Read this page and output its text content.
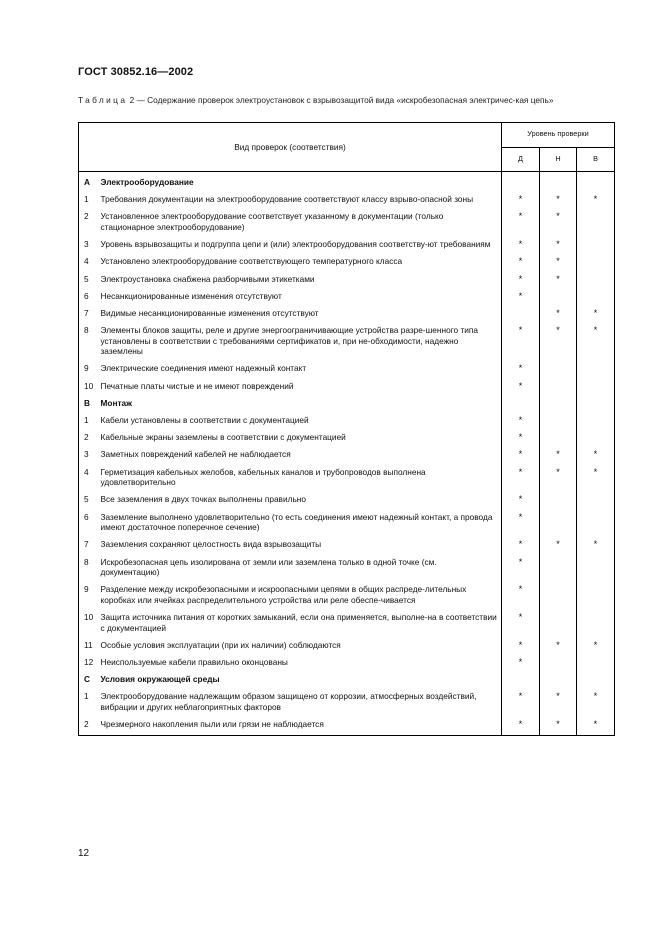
ГОСТ 30852.16—2002
Таблица 2 — Содержание проверок электроустановок с взрывозащитой вида «искробезопасная электричес-кая цепь»
Вид проверок (соответствия)		Уровень проверки		
		Д	Н	В
А	Электрооборудование			
1	Требования документации на электрооборудование соответствуют классу взрыво-опасной зоны	*	*	*
2	Установленное электрооборудование соответствует указанному в документации (только стационарное электрооборудование)	*	*	
3	Уровень взрывозащиты и подгруппа цепи и (или) электрооборудования соответству-ют требованиям	*	*	
4	Установлено электрооборудование соответствующего температурного класса	*	*	
5	Электроустановка снабжена разборчивыми этикетками	*	*	
6	Несанкционированные изменения отсутствуют	*		
7	Видимые несанкционированные изменения отсутствуют		*	*
8	Элементы блоков защиты, реле и другие энергоограничивающие устройства разре-шенного типа установлены в соответствии с требованиями сертификатов и, при не-обходимости, надежно заземлены	*	*	*
9	Электрические соединения имеют надежный контакт	*		
10	Печатные платы чистые и не имеют повреждений	*		
В	Монтаж			
1	Кабели установлены в соответствии с документацией	*		
2	Кабельные экраны заземлены в соответствии с документацией	*		
3	Заметных повреждений кабелей не наблюдается	*	*	*
4	Герметизация кабельных желобов, кабельных каналов и трубопроводов выполнена удовлетворительно	*	*	*
5	Все заземления в двух точках выполнены правильно	*		
6	Заземление выполнено удовлетворительно (то есть соединения имеют надежный контакт, а провода имеют достаточное поперечное сечение)	*		
7	Заземления сохраняют целостность вида взрывозащиты	*	*	*
8	Искробезопасная цепь изолирована от земли или заземлена только в одной точке (см. документацию)	*		
9	Разделение между искробезопасными и искроопасными цепями в общих распреде-лительных коробках или ячейках распределительного устройства или реле обеспе-чивается	*		
10	Защита источника питания от коротких замыканий, если она применяется, выполне-на в соответствии с документацией	*		
11	Особые условия эксплуатации (при их наличии) соблюдаются	*	*	*
12	Неиспользуемые кабели правильно оконцованы	*		
С	Условия окружающей среды			
1	Электрооборудование надлежащим образом защищено от коррозии, атмосферных воздействий, вибрации и других неблагоприятных факторов	*	*	*
2	Чрезмерного накопления пыли или грязи не наблюдается	*	*	*
12
